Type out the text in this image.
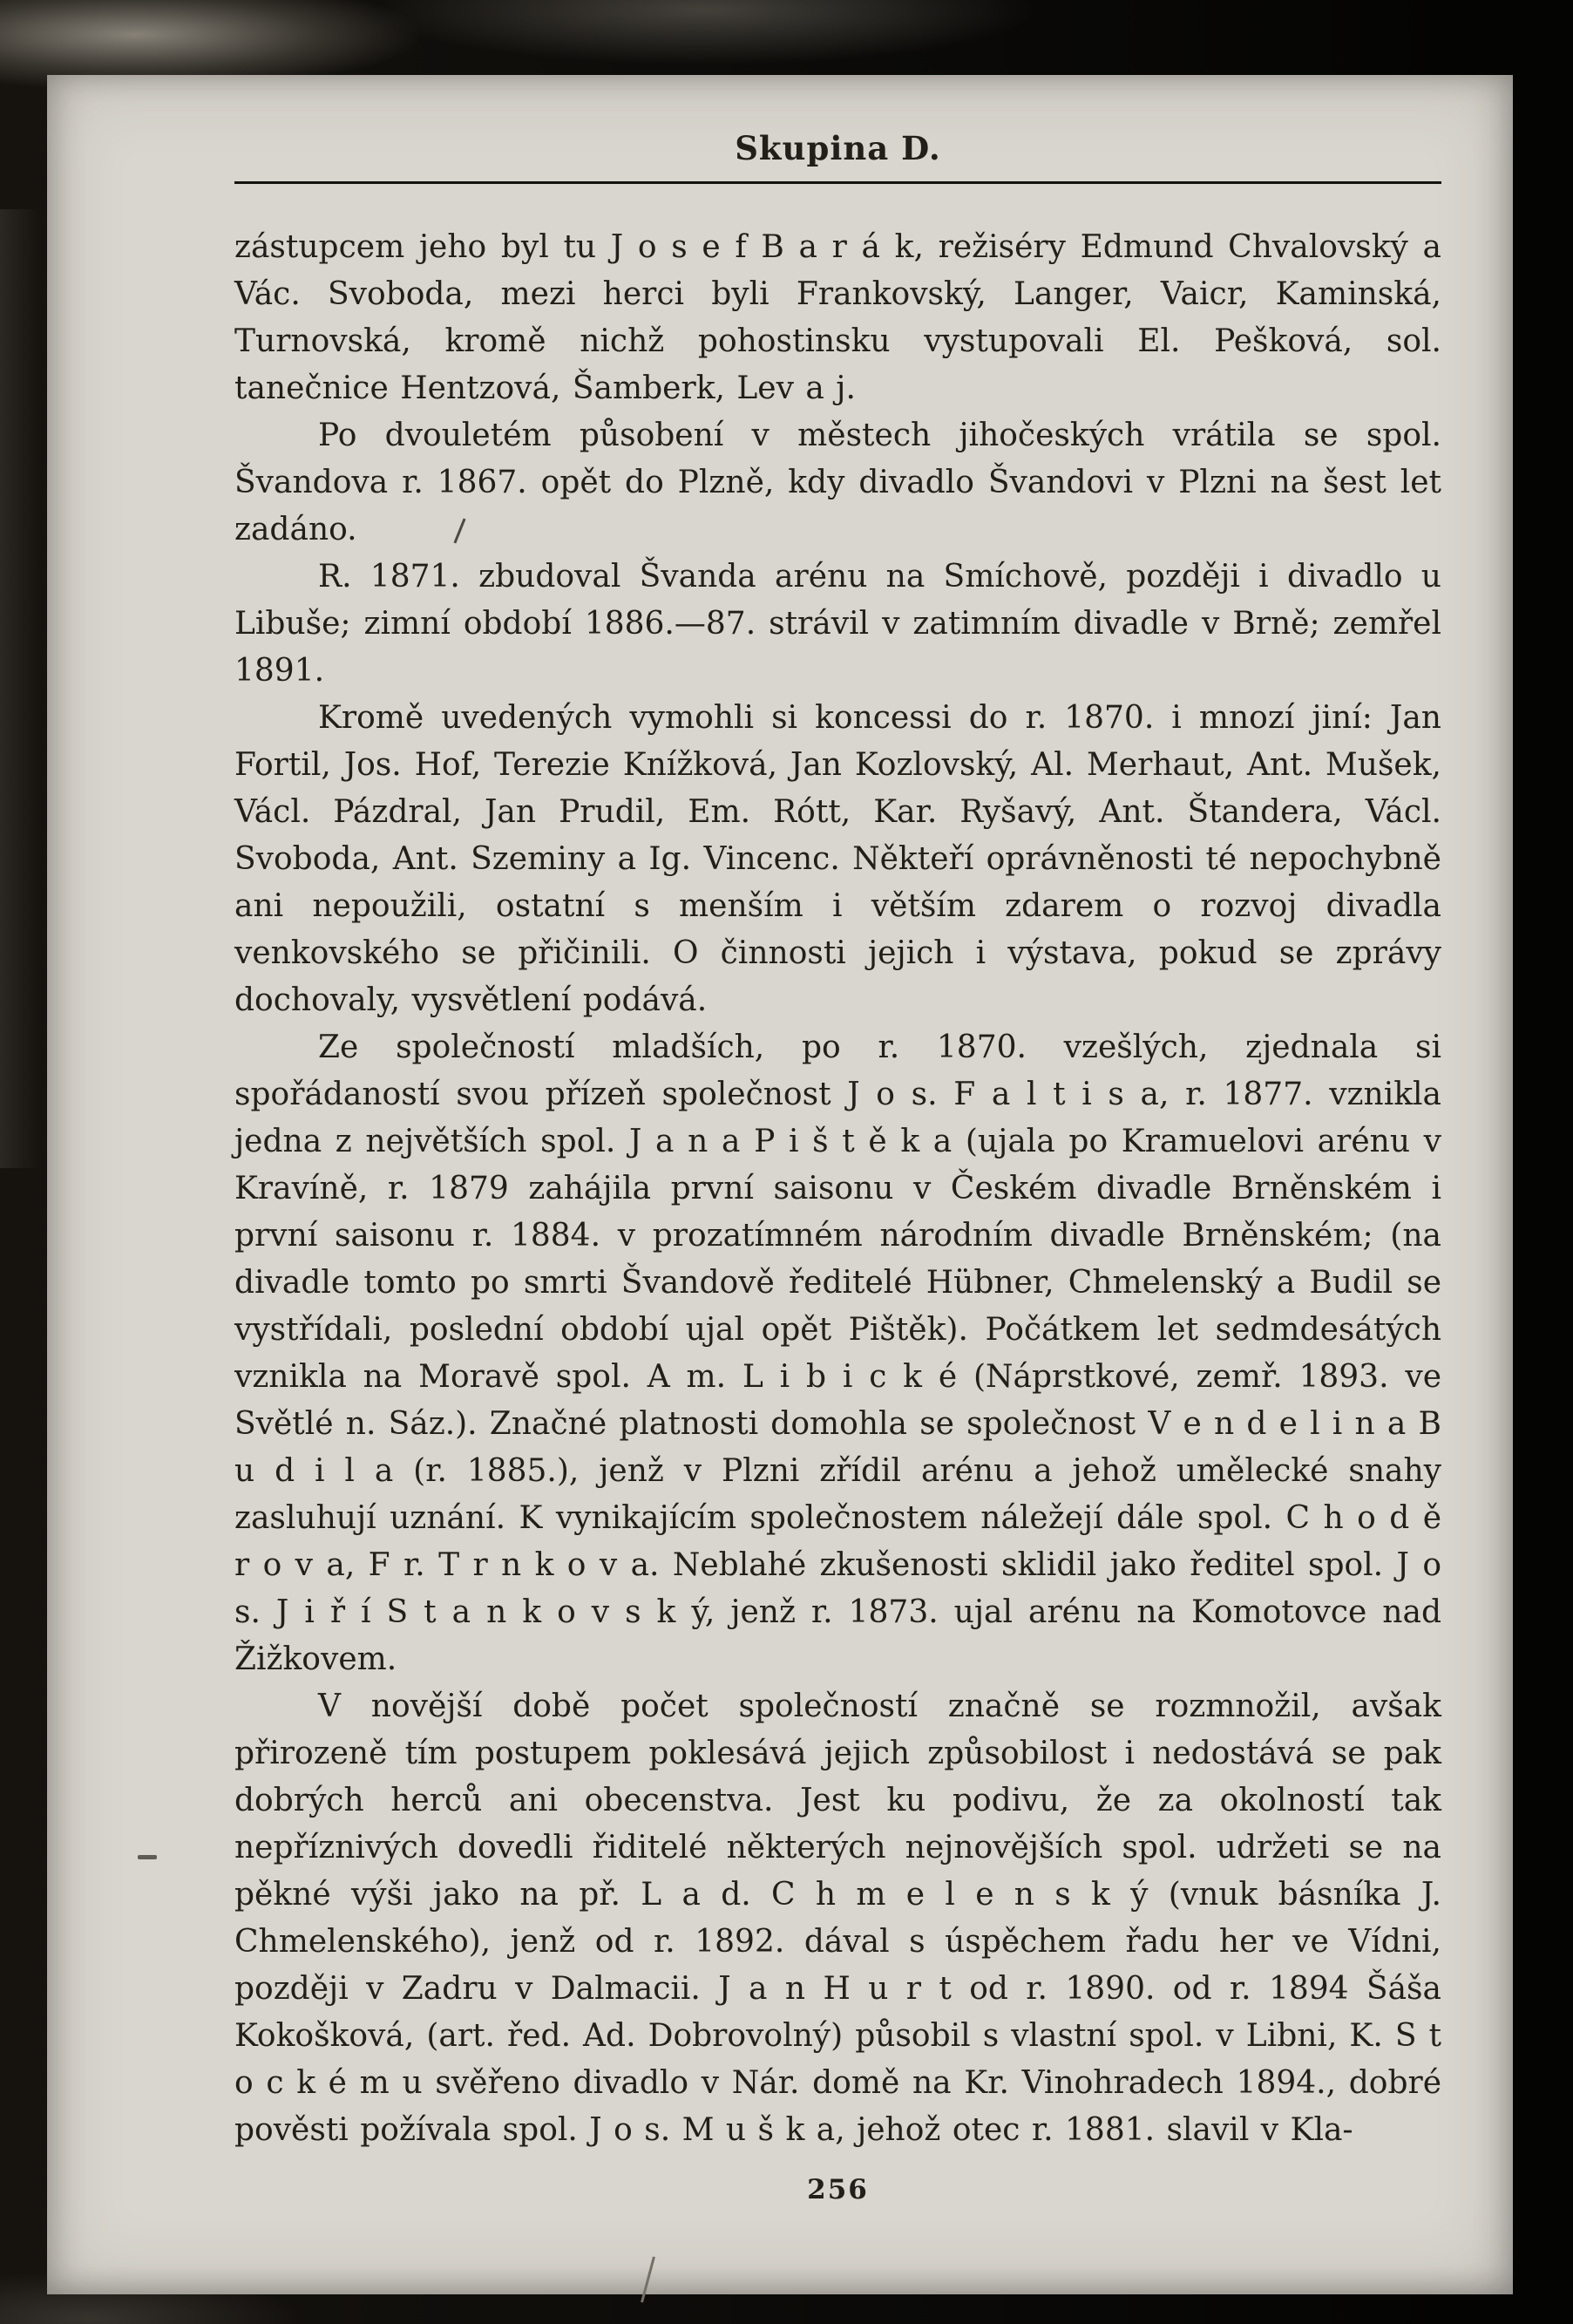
Skupina D.

zástupcem jeho byl tu J o s e f B a r á k, režiséry Edmund Chvalovský a Vác. Svoboda, mezi herci byli Frankovský, Langer, Vaicr, Kaminská, Turnovská, kromě nichž pohostinsku vystupovali El. Pešková, sol. tanečnice Hentzová, Šamberk, Lev a j.

Po dvouletém působení v městech jihočeských vrátila se spol. Švandova r. 1867. opět do Plzně, kdy divadlo Švandovi v Plzni na šest let zadáno.

R. 1871. zbudoval Švanda arénu na Smíchově, později i divadlo u Libuše; zimní období 1886.—87. strávil v zatimním divadle v Brně; zemřel 1891.

Kromě uvedených vymohli si koncessi do r. 1870. i mnozí jiní: Jan Fortil, Jos. Hof, Terezie Knížková, Jan Kozlovský, Al. Merhaut, Ant. Mušek, Václ. Pázdral, Jan Prudil, Em. Rótt, Kar. Ryšavý, Ant. Štandera, Václ. Svoboda, Ant. Szeminy a Ig. Vincenc. Někteří oprávněnosti té nepochybně ani nepoužili, ostatní s menším i větším zdarem o rozvoj divadla venkovského se přičinili. O činnosti jejich i výstava, pokud se zprávy dochovaly, vysvětlení podává.

Ze společností mladších, po r. 1870. vzešlých, zjednala si spořádaností svou přízeň společnost J o s. F a l t i s a, r. 1877. vznikla jedna z největších spol. J a n a P i š t ě k a (ujala po Kramuelovi arénu v Kravíně, r. 1879 zahájila první saisonu v Českém divadle Brněnském i první saisonu r. 1884. v prozatímném národním divadle Brněnském; (na divadle tomto po smrti Švandově ředitelé Hübner, Chmelenský a Budil se vystřídali, poslední období ujal opět Pištěk). Počátkem let sedmdesátých vznikla na Moravě spol. A m. L i b i c k é (Náprstkové, zemř. 1893. ve Světlé n. Sáz.). Značné platnosti domohla se společnost V e n d e l i n a B u d i l a (r. 1885.), jenž v Plzni zřídil arénu a jehož umělecké snahy zasluhují uznání. K vynikajícím společnostem náležejí dále spol. C h o d ě r o v a, F r. T r n k o v a. Neblahé zkušenosti sklidil jako ředitel spol. J o s. J i ř í S t a n k o v s k ý, jenž r. 1873. ujal arénu na Komotovce nad Žižkovem.

V novější době počet společností značně se rozmnožil, avšak přirozeně tím postupem poklesává jejich způsobilost i nedostává se pak dobrých herců ani obecenstva. Jest ku podivu, že za okolností tak nepříznivých dovedli řiditelé některých nejnovějších spol. udržeti se na pěkné výši jako na př. L a d. C h m e l e n s k ý (vnuk básníka J. Chmelenského), jenž od r. 1892. dával s úspěchem řadu her ve Vídni, později v Zadru v Dalmacii. J a n H u r t od r. 1890. od r. 1894 Šáša Kokošková, (art. řed. Ad. Dobrovolný) působil s vlastní spol. v Libni, K. S t o c k é m u svěřeno divadlo v Nár. domě na Kr. Vinohradech 1894., dobré pověsti požívala spol. J o s. M u š k a, jehož otec r. 1881. slavil v Kla-

256
